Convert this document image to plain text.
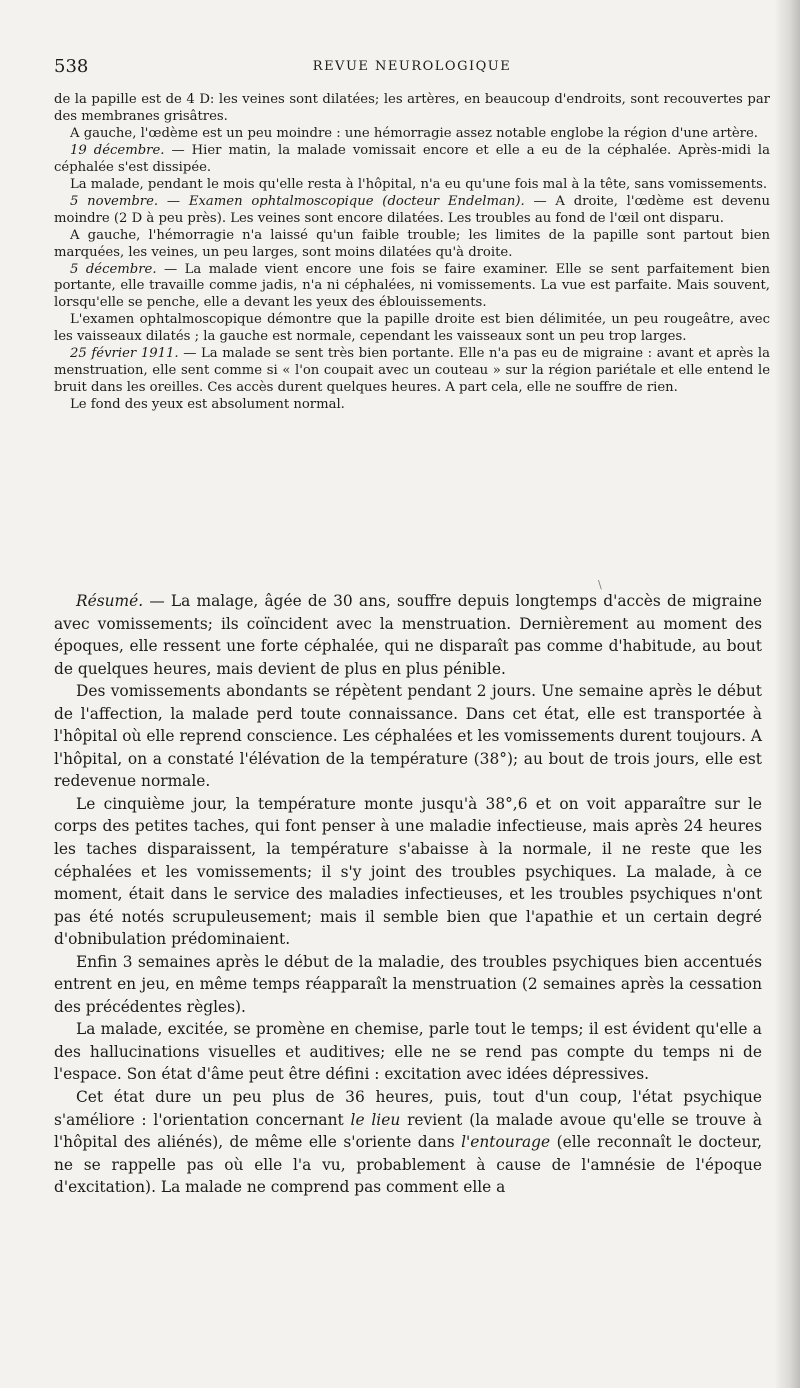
538	REVUE NEUROLOGIQUE

de la papille est de 4 D: les veines sont dilatées; les artères, en beaucoup d'endroits, sont recouvertes par des membranes grisâtres.

A gauche, l'œdème est un peu moindre : une hémorragie assez notable englobe la région d'une artère.

19 décembre. — Hier matin, la malade vomissait encore et elle a eu de la céphalée. Après-midi la céphalée s'est dissipée.

La malade, pendant le mois qu'elle resta à l'hôpital, n'a eu qu'une fois mal à la tête, sans vomissements.

5 novembre. — Examen ophtalmoscopique (docteur Endelman). — A droite, l'œdème est devenu moindre (2 D à peu près). Les veines sont encore dilatées. Les troubles au fond de l'œil ont disparu.

A gauche, l'hémorragie n'a laissé qu'un faible trouble; les limites de la papille sont partout bien marquées, les veines, un peu larges, sont moins dilatées qu'à droite.

5 décembre. — La malade vient encore une fois se faire examiner. Elle se sent parfaitement bien portante, elle travaille comme jadis, n'a ni céphalées, ni vomissements. La vue est parfaite. Mais souvent, lorsqu'elle se penche, elle a devant les yeux des éblouissements.

L'examen ophtalmoscopique démontre que la papille droite est bien délimitée, un peu rougeâtre, avec les vaisseaux dilatés ; la gauche est normale, cependant les vaisseaux sont un peu trop larges.

25 février 1911. — La malade se sent très bien portante. Elle n'a pas eu de migraine : avant et après la menstruation, elle sent comme si « l'on coupait avec un couteau » sur la région pariétale et elle entend le bruit dans les oreilles. Ces accès durent quelques heures. A part cela, elle ne souffre de rien.

Le fond des yeux est absolument normal.

\

Résumé. — La malage, âgée de 30 ans, souffre depuis longtemps d'accès de migraine avec vomissements; ils coïncident avec la menstruation. Dernièrement au moment des époques, elle ressent une forte céphalée, qui ne disparaît pas comme d'habitude, au bout de quelques heures, mais devient de plus en plus pénible.

Des vomissements abondants se répètent pendant 2 jours. Une semaine après le début de l'affection, la malade perd toute connaissance. Dans cet état, elle est transportée à l'hôpital où elle reprend conscience. Les céphalées et les vomissements durent toujours. A l'hôpital, on a constaté l'élévation de la température (38°); au bout de trois jours, elle est redevenue normale.

Le cinquième jour, la température monte jusqu'à 38°,6 et on voit apparaître sur le corps des petites taches, qui font penser à une maladie infectieuse, mais après 24 heures les taches disparaissent, la température s'abaisse à la normale, il ne reste que les céphalées et les vomissements; il s'y joint des troubles psychiques. La malade, à ce moment, était dans le service des maladies infectieuses, et les troubles psychiques n'ont pas été notés scrupuleusement; mais il semble bien que l'apathie et un certain degré d'obnibulation prédominaient.

Enfin 3 semaines après le début de la maladie, des troubles psychiques bien accentués entrent en jeu, en même temps réapparaît la menstruation (2 semaines après la cessation des précédentes règles).

La malade, excitée, se promène en chemise, parle tout le temps; il est évident qu'elle a des hallucinations visuelles et auditives; elle ne se rend pas compte du temps ni de l'espace. Son état d'âme peut être défini : excitation avec idées dépressives.

Cet état dure un peu plus de 36 heures, puis, tout d'un coup, l'état psychique s'améliore : l'orientation concernant le lieu revient (la malade avoue qu'elle se trouve à l'hôpital des aliénés), de même elle s'oriente dans l'entourage (elle reconnaît le docteur, ne se rappelle pas où elle l'a vu, probablement à cause de l'amnésie de l'époque d'excitation). La malade ne comprend pas comment elle a
